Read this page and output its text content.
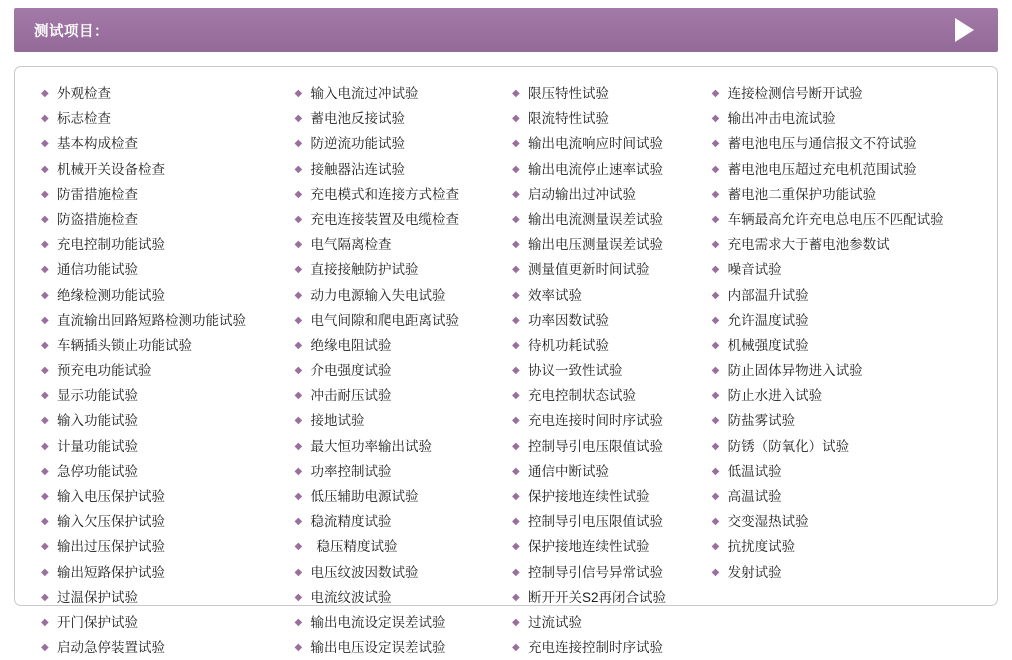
测试项目：
◆ 外观检查
◆ 标志检查
◆ 基本构成检查
◆ 机械开关设备检查
◆ 防雷措施检查
◆ 防盗措施检查
◆ 充电控制功能试验
◆ 通信功能试验
◆ 绝缘检测功能试验
◆ 直流输出回路短路检测功能试验
◆ 车辆插头锁止功能试验
◆ 预充电功能试验
◆ 显示功能试验
◆ 输入功能试验
◆ 计量功能试验
◆ 急停功能试验
◆ 输入电压保护试验
◆ 输入欠压保护试验
◆ 输出过压保护试验
◆ 输出短路保护试验
◆ 过温保护试验
◆ 开门保护试验
◆ 启动急停装置试验
◆ 输入电流过冲试验
◆ 蓄电池反接试验
◆ 防逆流功能试验
◆ 接触器沾连试验
◆ 充电模式和连接方式检查
◆ 充电连接装置及电缆检查
◆ 电气隔离检查
◆ 直接接触防护试验
◆ 动力电源输入失电试验
◆ 电气间隙和爬电距离试验
◆ 绝缘电阻试验
◆ 介电强度试验
◆ 冲击耐压试验
◆ 接地试验
◆ 最大恒功率输出试验
◆ 功率控制试验
◆ 低压辅助电源试验
◆ 稳流精度试验
◆	稳压精度试验
◆ 电压纹波因数试验
◆ 电流纹波试验
◆ 输出电流设定误差试验
◆ 输出电压设定误差试验
◆ 限压特性试验
◆ 限流特性试验
◆ 输出电流响应时间试验
◆ 输出电流停止速率试验
◆ 启动输出过冲试验
◆ 输出电流测量误差试验
◆ 输出电压测量误差试验
◆ 测量值更新时间试验
◆ 效率试验
◆ 功率因数试验
◆ 待机功耗试验
◆ 协议一致性试验
◆ 充电控制状态试验
◆ 充电连接时间时序试验
◆ 控制导引电压限值试验
◆ 通信中断试验
◆ 保护接地连续性试验
◆ 控制导引电压限值试验
◆ 保护接地连续性试验
◆ 控制导引信号异常试验
◆ 断开开关S2再闭合试验
◆ 过流试验
◆ 充电连接控制时序试验
◆ 连接检测信号断开试验
◆ 输出冲击电流试验
◆ 蓄电池电压与通信报文不符试验
◆ 蓄电池电压超过充电机范围试验
◆ 蓄电池二重保护功能试验
◆ 车辆最高允许充电总电压不匹配试验
◆ 充电需求大于蓄电池参数试
◆ 噪音试验
◆ 内部温升试验
◆ 允许温度试验
◆ 机械强度试验
◆ 防止固体异物进入试验
◆ 防止水进入试验
◆ 防盐雾试验
◆ 防锈（防氧化）试验
◆ 低温试验
◆ 高温试验
◆ 交变湿热试验
◆ 抗扰度试验
◆ 发射试验
